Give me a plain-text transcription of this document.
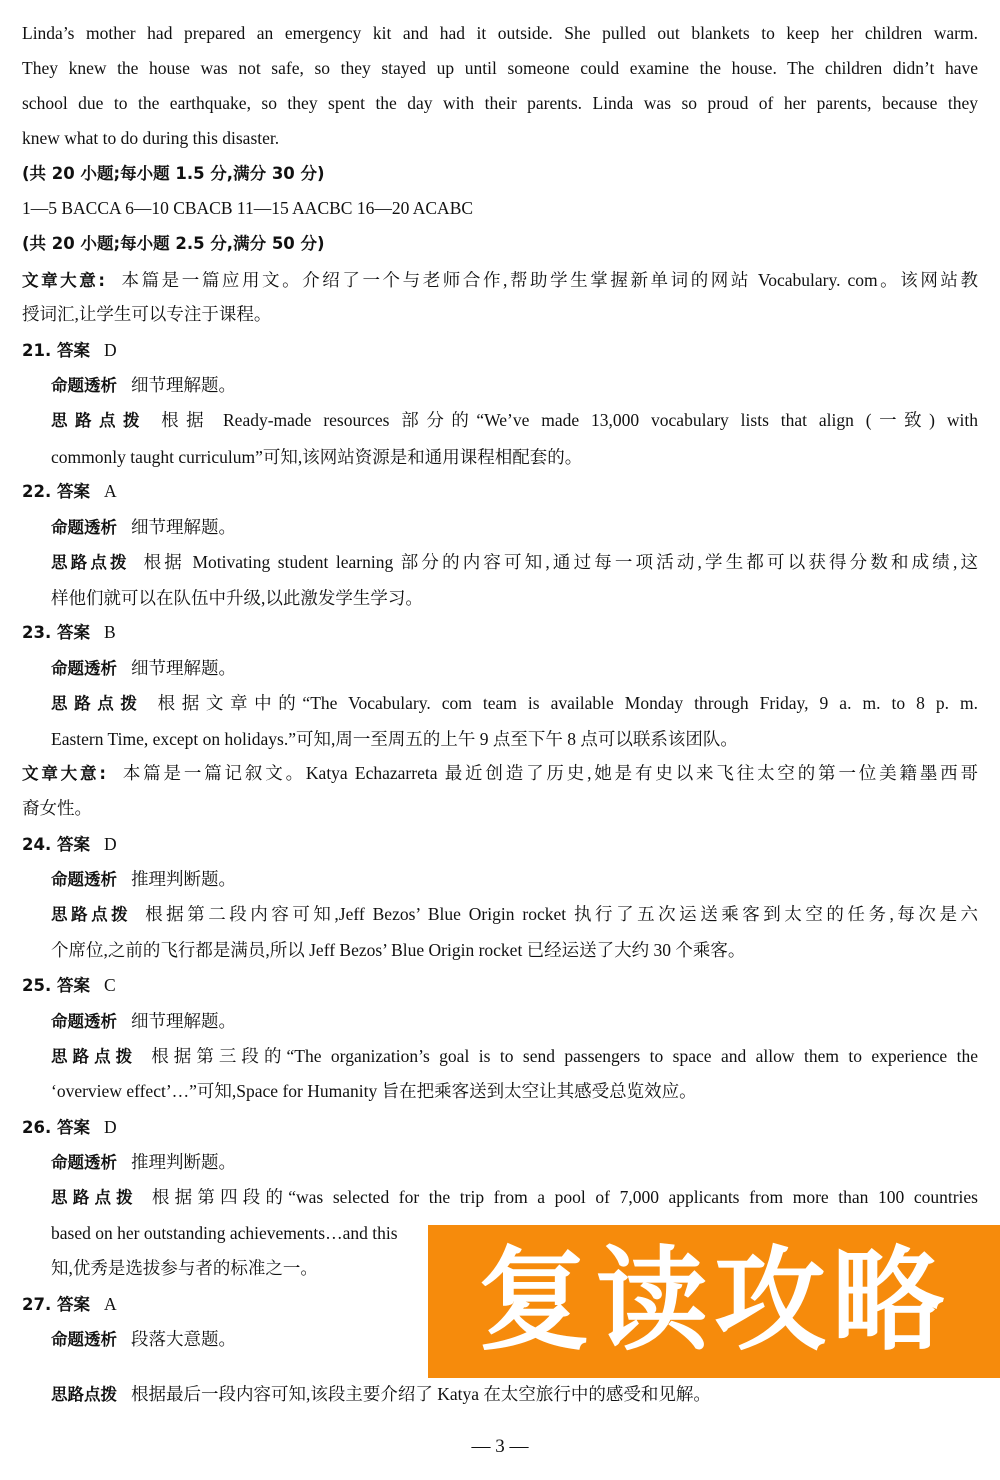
Linda’s mother had prepared an emergency kit and had it outside. She pulled out blankets to keep her children warm.
They knew the house was not safe, so they stayed up until someone could examine the house. The children didn’t have
school due to the earthquake, so they spent the day with their parents. Linda was so proud of her parents, because they
knew what to do during this disaster.
(共 20 小题;每小题 1.5 分,满分 30 分)
1—5 BACCA 6—10 CBACB 11—15 AACBC 16—20 ACABC
(共 20 小题;每小题 2.5 分,满分 50 分)
文章大意: 本篇是一篇应用文。介绍了一个与老师合作,帮助学生掌握新单词的网站 Vocabulary. com。该网站教
授词汇,让学生可以专注于课程。
21. 答案 D
命题透析 细节理解题。
思路点拨 根据 Ready-made resources 部分的“We’ve made 13,000 vocabulary lists that align (一致) with
commonly taught curriculum”可知,该网站资源是和通用课程相配套的。
22. 答案 A
命题透析 细节理解题。
思路点拨 根据 Motivating student learning 部分的内容可知,通过每一项活动,学生都可以获得分数和成绩,这
样他们就可以在队伍中升级,以此激发学生学习。
23. 答案 B
命题透析 细节理解题。
思路点拨 根据文章中的“The Vocabulary. com team is available Monday through Friday, 9 a. m. to 8 p. m.
Eastern Time, except on holidays.”可知,周一至周五的上午 9 点至下午 8 点可以联系该团队。
文章大意: 本篇是一篇记叙文。Katya Echazarreta 最近创造了历史,她是有史以来飞往太空的第一位美籍墨西哥
裔女性。
24. 答案 D
命题透析 推理判断题。
思路点拨 根据第二段内容可知,Jeff Bezos’ Blue Origin rocket 执行了五次运送乘客到太空的任务,每次是六
个席位,之前的飞行都是满员,所以 Jeff Bezos’ Blue Origin rocket 已经运送了大约 30 个乘客。
25. 答案 C
命题透析 细节理解题。
思路点拨 根据第三段的“The organization’s goal is to send passengers to space and allow them to experience the
‘overview effect’…”可知,Space for Humanity 旨在把乘客送到太空让其感受总览效应。
26. 答案 D
命题透析 推理判断题。
思路点拨 根据第四段的“was selected for the trip from a pool of 7,000 applicants from more than 100 countries
based on her outstanding achievements…and this
知,优秀是选拔参与者的标准之一。
27. 答案 A
命题透析 段落大意题。
思路点拨 根据最后一段内容可知,该段主要介绍了 Katya 在太空旅行中的感受和见解。
— 3 —
复读攻略
